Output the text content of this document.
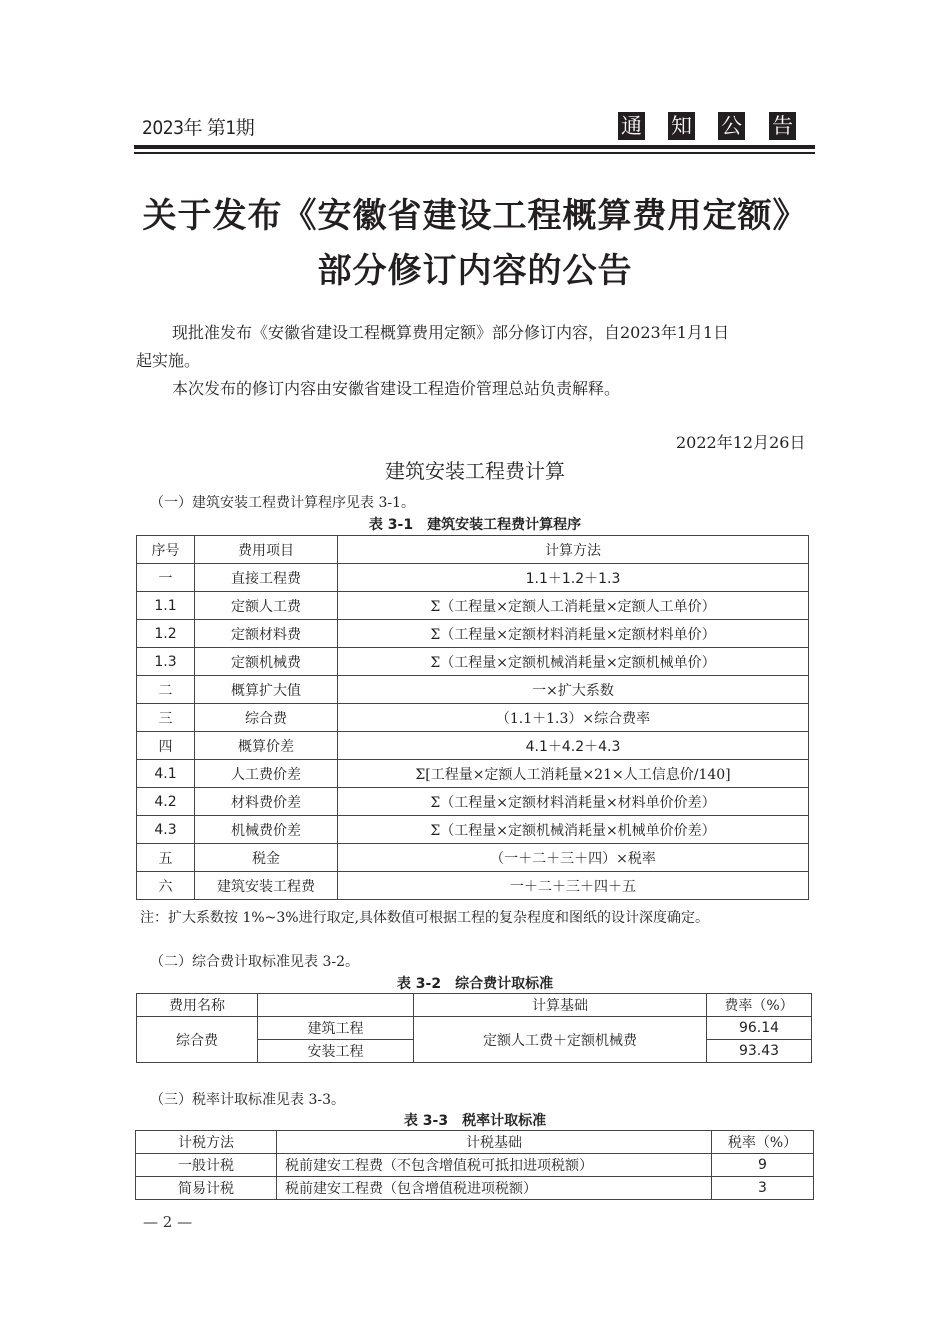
2023年 第1期	通 知 公 告
关于发布《安徽省建设工程概算费用定额》
部分修订内容的公告
现批准发布《安徽省建设工程概算费用定额》部分修订内容，自2023年1月1日
起实施。
本次发布的修订内容由安徽省建设工程造价管理总站负责解释。
2022年12月26日
建筑安装工程费计算
（一）建筑安装工程费计算程序见表 3-1。
表 3-1　建筑安装工程费计算程序
序号	费用项目	计算方法
一	直接工程费	1.1＋1.2＋1.3
1.1	定额人工费	Σ（工程量×定额人工消耗量×定额人工单价）
1.2	定额材料费	Σ（工程量×定额材料消耗量×定额材料单价）
1.3	定额机械费	Σ（工程量×定额机械消耗量×定额机械单价）
二	概算扩大值	一×扩大系数
三	综合费	（1.1＋1.3）×综合费率
四	概算价差	4.1＋4.2＋4.3
4.1	人工费价差	Σ[工程量×定额人工消耗量×21×人工信息价/140]
4.2	材料费价差	Σ（工程量×定额材料消耗量×材料单价价差）
4.3	机械费价差	Σ（工程量×定额机械消耗量×机械单价价差）
五	税金	（一＋二＋三＋四）×税率
六	建筑安装工程费	一＋二＋三＋四＋五
注：扩大系数按 1%~3%进行取定,具体数值可根据工程的复杂程度和图纸的设计深度确定。
（二）综合费计取标准见表 3-2。
表 3-2　综合费计取标准
费用名称		计算基础	费率（%）
综合费	建筑工程	定额人工费＋定额机械费	96.14
	安装工程		93.43
（三）税率计取标准见表 3-3。
表 3-3　税率计取标准
计税方法	计税基础	税率（%）
一般计税	税前建安工程费（不包含增值税可抵扣进项税额）	9
简易计税	税前建安工程费（包含增值税进项税额）	3
— 2 —
